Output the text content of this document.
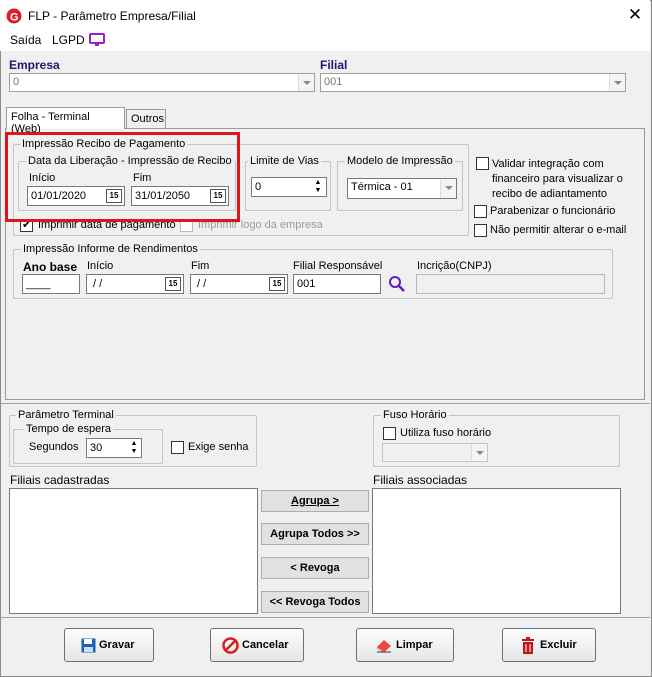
G FLP - Parâmetro Empresa/Filial	✕
Saída LGPD
Empresa
0
Filial
001
Folha - Terminal (Web)
Outros
Impressão Recibo de Pagamento
Data da Liberação - Impressão de Recibo
Início
01/01/2020	15
Fim
31/01/2050	15
Limite de Vias
0	▲
▼
Modelo de Impressão
Térmica - 01
✔
Imprimir data de pagamento Imprimir logo da empresa
Validar integração com financeiro para visualizar o recibo de adiantamento
Parabenizar o funcionário
Não permitir alterar o e-mail
Impressão Informe de Rendimentos
Ano base
____
Início
/ /	15
Fim
/ /	15
Filial Responsável
001
Incrição(CNPJ)
Parâmetro Terminal
Tempo de espera
Segundos	30	▲
▼	Exige senha
Fuso Horário
Utiliza fuso horário
Filiais cadastradas	Filiais associadas
Agrupa >
Agrupa Todos >>
< Revoga
<< Revoga Todos
Gravar	Cancelar	Limpar	Excluir
